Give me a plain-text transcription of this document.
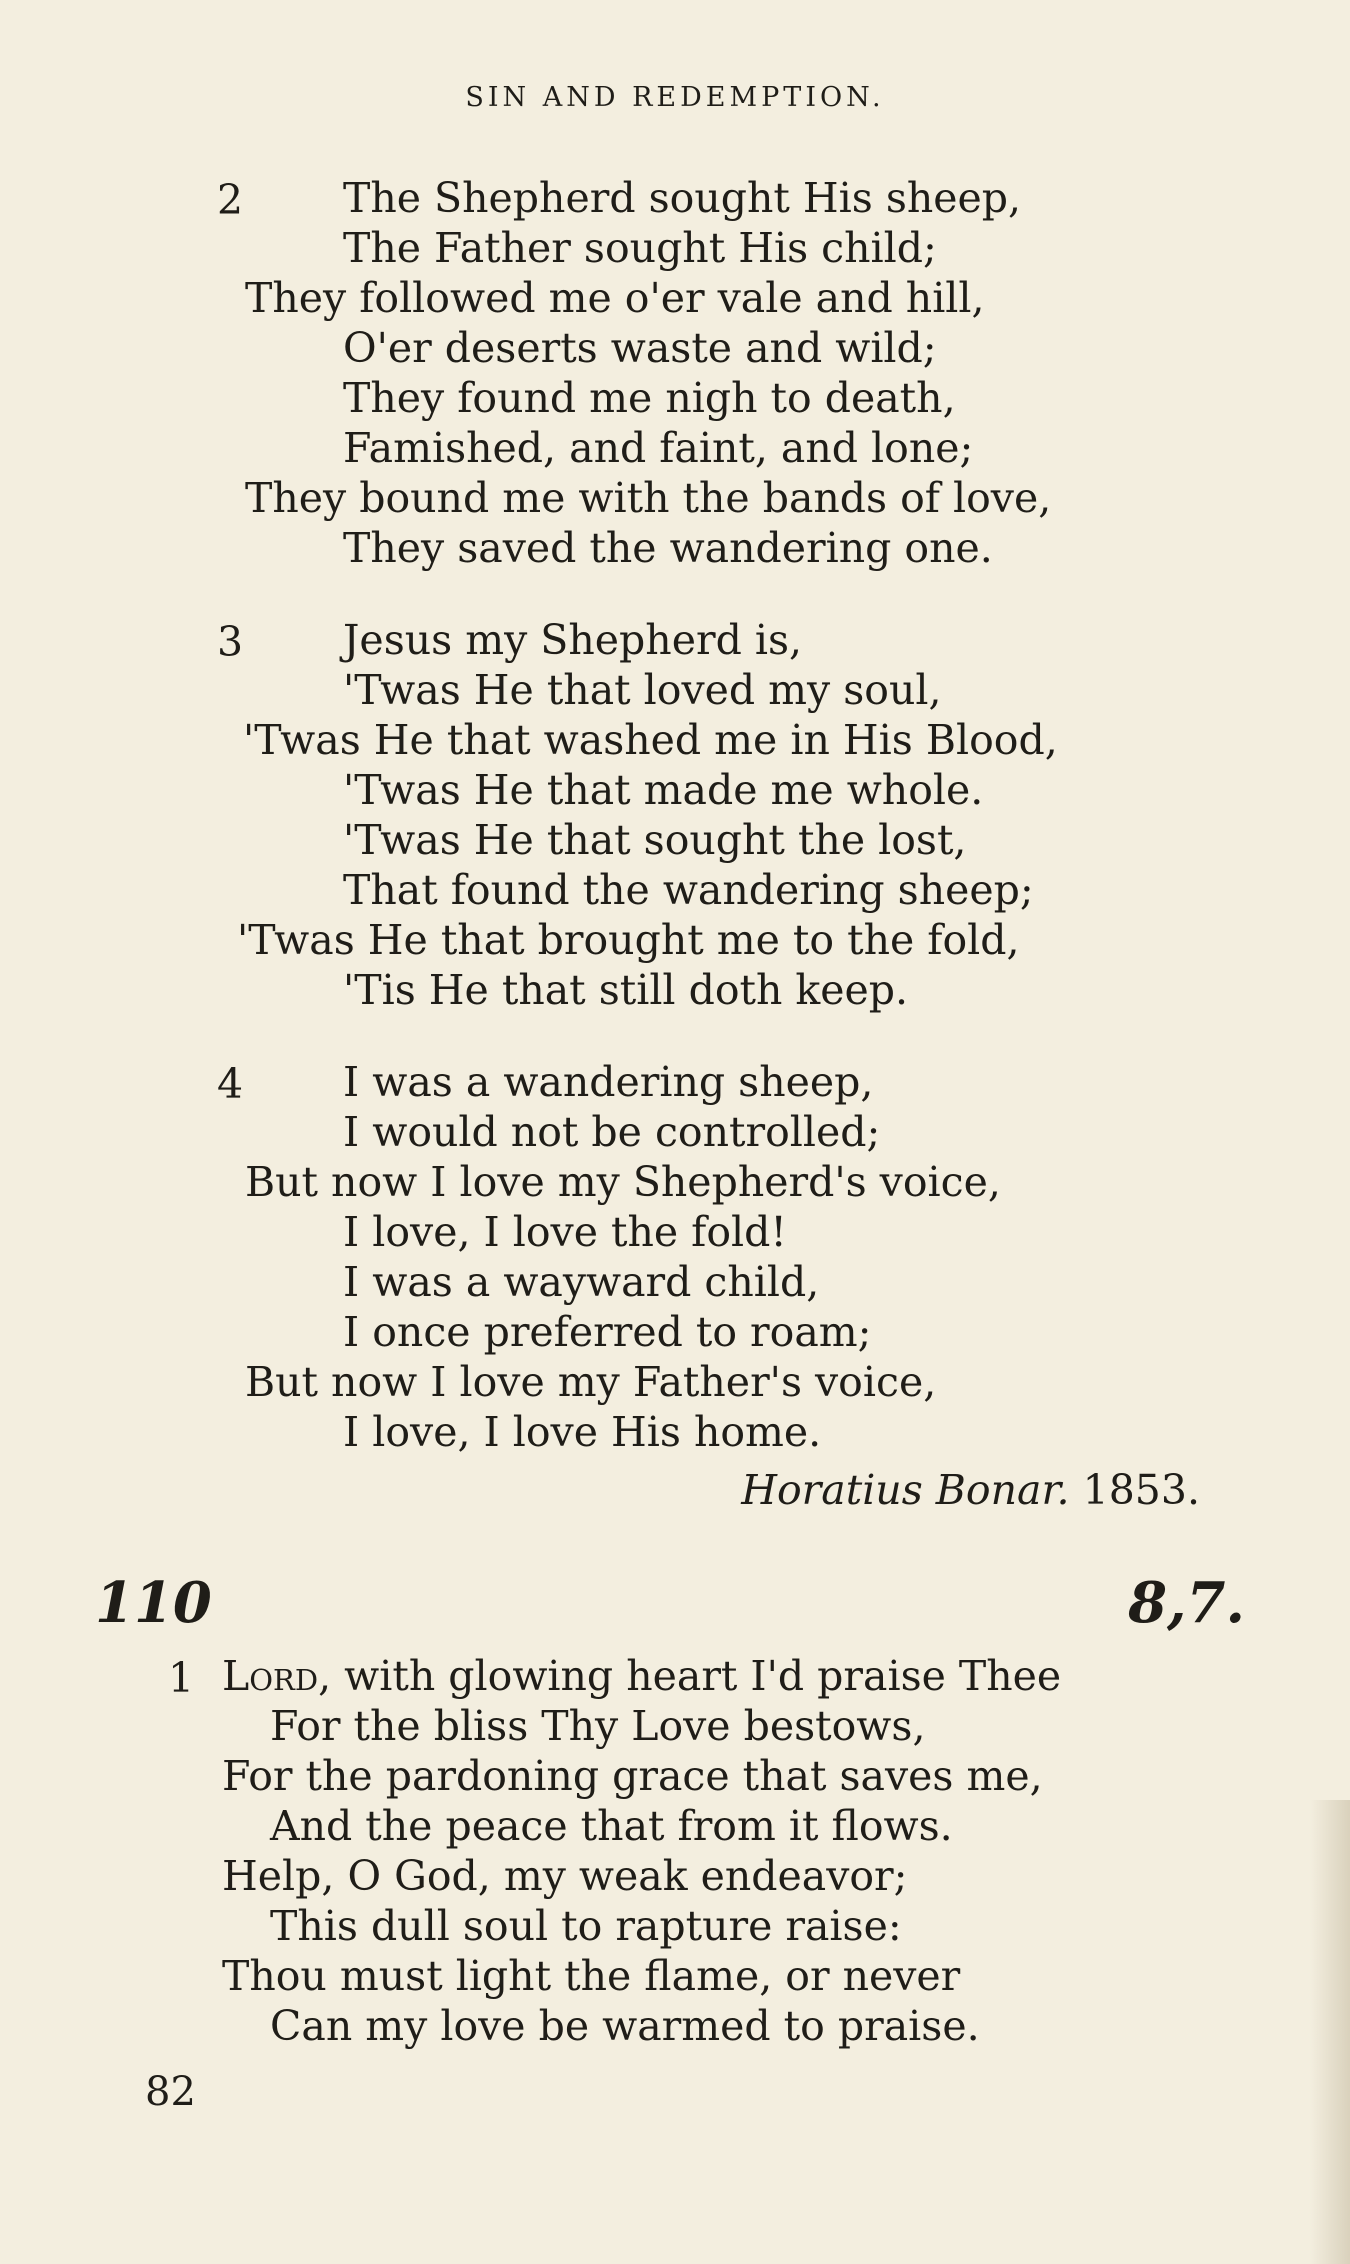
SIN AND REDEMPTION.
2 The Shepherd sought His sheep,
The Father sought His child;
They followed me o'er vale and hill,
O'er deserts waste and wild;
They found me nigh to death,
Famished, and faint, and lone;
They bound me with the bands of love,
They saved the wandering one.
3 Jesus my Shepherd is,
'Twas He that loved my soul,
'Twas He that washed me in His Blood,
'Twas He that made me whole.
'Twas He that sought the lost,
That found the wandering sheep;
'Twas He that brought me to the fold,
'Tis He that still doth keep.
4 I was a wandering sheep,
I would not be controlled;
But now I love my Shepherd's voice,
I love, I love the fold!
I was a wayward child,
I once preferred to roam;
But now I love my Father's voice,
I love, I love His home.
Horatius Bonar. 1853.
110	8,7.
1 Lord, with glowing heart I'd praise Thee
For the bliss Thy Love bestows,
For the pardoning grace that saves me,
And the peace that from it flows.
Help, O God, my weak endeavor;
This dull soul to rapture raise:
Thou must light the flame, or never
Can my love be warmed to praise.
82
